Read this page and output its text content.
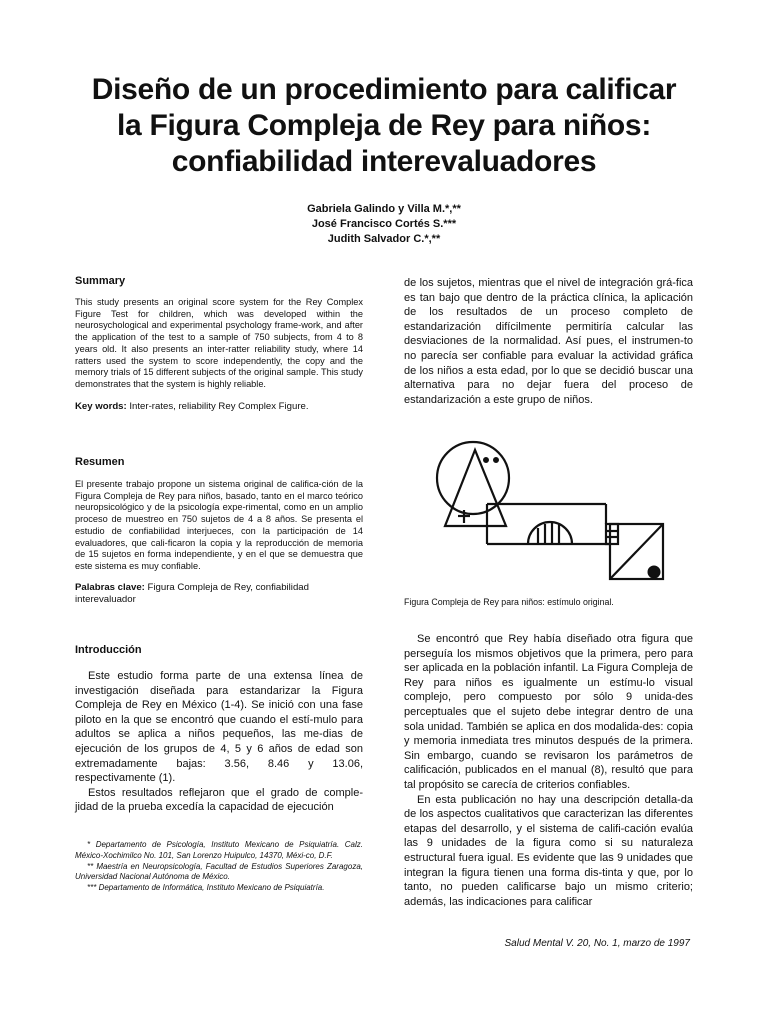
Diseño de un procedimiento para calificar
la Figura Compleja de Rey para niños:
confiabilidad interevaluadores
Gabriela Galindo y Villa M.*,**
José Francisco Cortés S.***
Judith Salvador C.*,**

Summary

This study presents an original score system for the Rey Complex Figure Test for children, which was developed within the neurosychological and experimental psychology frame-work, and after the application of the test to a sample of 750 subjects, from 4 to 8 years old. It also presents an inter-ratter reliability study, where 14 ratters used the system to score independently, the copy and the memory trials of 15 different subjects of the original sample. This study demonstrates that the system is highly reliable.

Key words: Inter-rates, reliability Rey Complex Figure.

Resumen

El presente trabajo propone un sistema original de califica-ción de la Figura Compleja de Rey para niños, basado, tanto en el marco teórico neuropsicológico y de la psicología expe-rimental, como en un amplio proceso de muestreo en 750 sujetos de 4 a 8 años. Se presenta el estudio de confiabilidad interjueces, con la participación de 14 evaluadores, que cali-ficaron la copia y la reproducción de memoria de 15 sujetos en forma independiente, y en el que se demuestra que este sistema es muy confiable.

Palabras clave: Figura Compleja de Rey, confiabilidad interevaluador

Introducción

Este estudio forma parte de una extensa línea de investigación diseñada para estandarizar la Figura Compleja de Rey en México (1-4). Se inició con una fase piloto en la que se encontró que cuando el estí-mulo para adultos se aplica a niños pequeños, las me-dias de ejecución de los grupos de 4, 5 y 6 años de edad son extremadamente bajas: 3.56, 8.46 y 13.06, respectivamente (1).

Estos resultados reflejaron que el grado de comple-jidad de la prueba excedía la capacidad de ejecución

* Departamento de Psicología, Instituto Mexicano de Psiquiatría. Calz. México-Xochimilco No. 101, San Lorenzo Huipulco, 14370, Méxi-co, D.F.

** Maestría en Neuropsicología, Facultad de Estudios Superiores Zaragoza, Universidad Nacional Autónoma de México.

*** Departamento de Informática, Instituto Mexicano de Psiquiatría.

de los sujetos, mientras que el nivel de integración grá-fica es tan bajo que dentro de la práctica clínica, la aplicación de los resultados de un proceso completo de estandarización difícilmente permitiría calcular las desviaciones de la normalidad. Así pues, el instrumen-to no parecía ser confiable para evaluar la actividad gráfica de los niños a esta edad, por lo que se decidió buscar una alternativa para no dejar fuera del proceso de estandarización a este grupo de niños.

Figura Compleja de Rey para niños: estímulo original.

Se encontró que Rey había diseñado otra figura que perseguía los mismos objetivos que la primera, pero para ser aplicada en la población infantil. La Figura Compleja de Rey para niños es igualmente un estímu-lo visual complejo, pero compuesto por sólo 9 unida-des perceptuales que el sujeto debe integrar dentro de una sola unidad. También se aplica en dos modalida-des: copia y memoria inmediata tres minutos después de la primera. Sin embargo, cuando se revisaron los parámetros de calificación, publicados en el manual (8), resultó que para tal propósito se carecía de criterios confiables.

En esta publicación no hay una descripción detalla-da de los aspectos cualitativos que caracterizan las diferentes etapas del desarrollo, y el sistema de califi-cación evalúa las 9 unidades de la figura como si su naturaleza estructural fuera igual. Es evidente que las 9 unidades que integran la figura tienen una forma dis-tinta y que, por lo tanto, no pueden calificarse bajo un mismo criterio; además, las indicaciones para calificar

Salud Mental V. 20, No. 1, marzo de 1997
